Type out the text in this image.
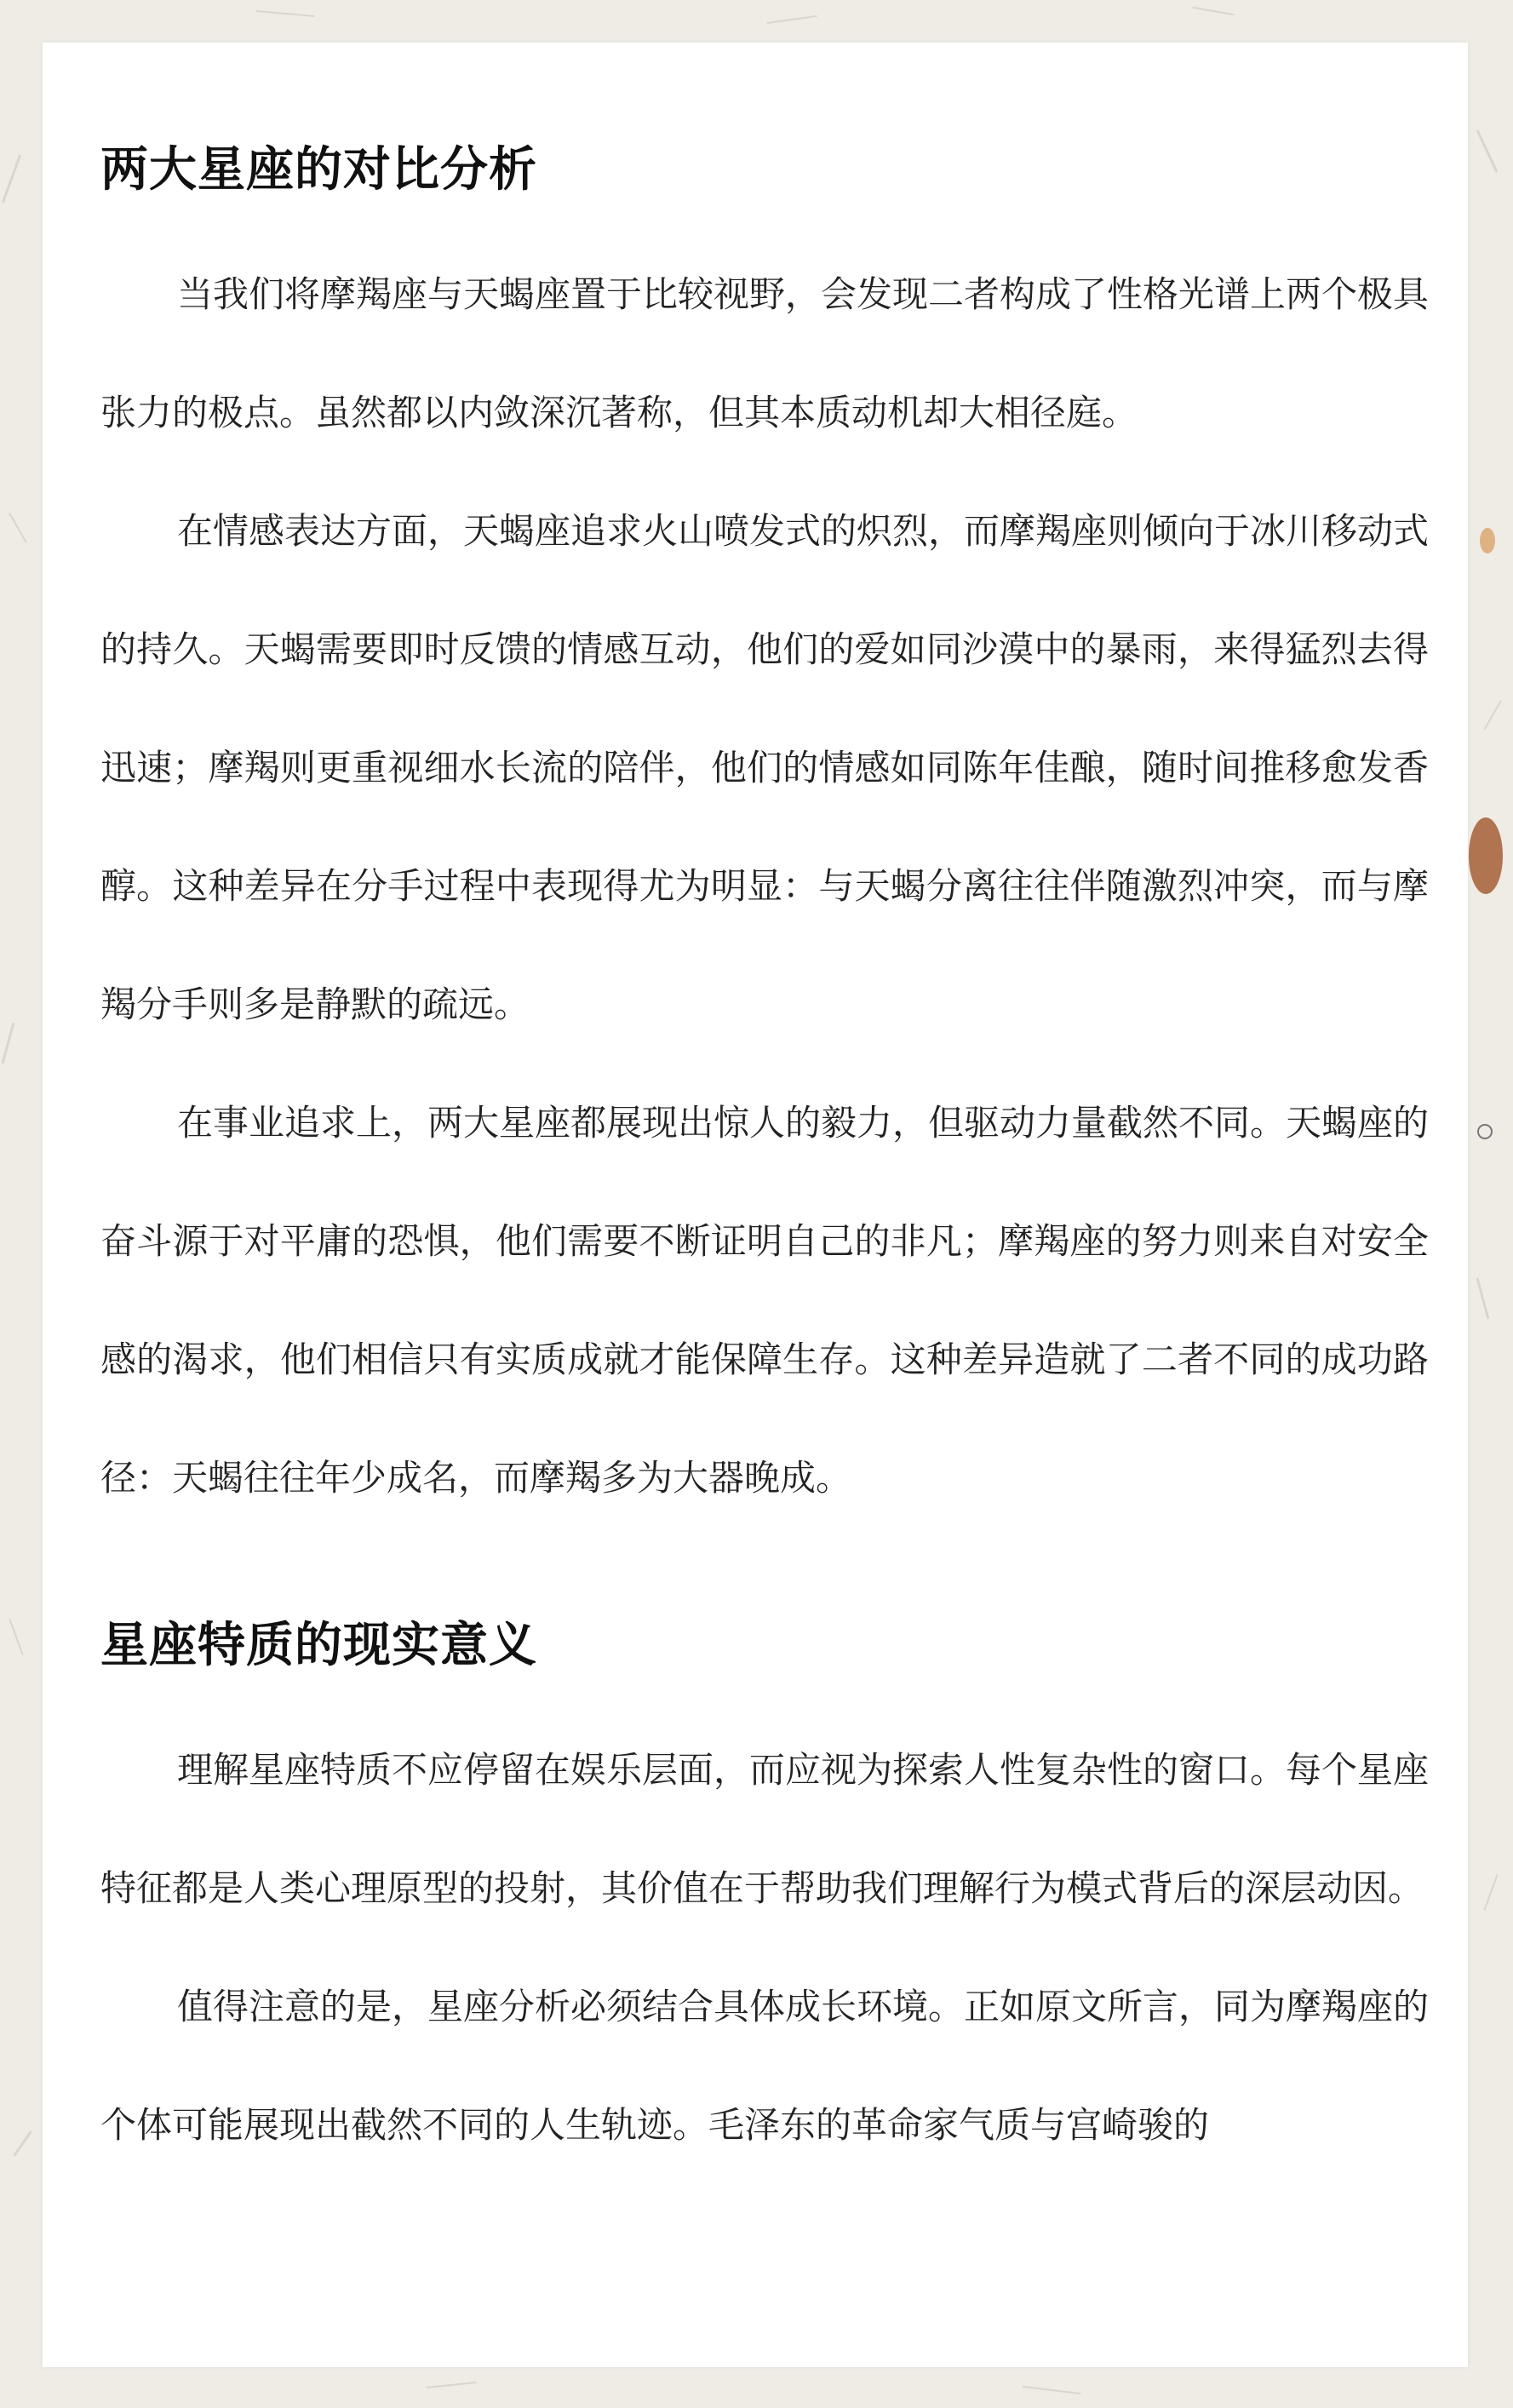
两大星座的对比分析

当我们将摩羯座与天蝎座置于比较视野，会发现二者构成了性格光谱上两个极具张力的极点。虽然都以内敛深沉著称，但其本质动机却大相径庭。

在情感表达方面，天蝎座追求火山喷发式的炽烈，而摩羯座则倾向于冰川移动式的持久。天蝎需要即时反馈的情感互动，他们的爱如同沙漠中的暴雨，来得猛烈去得迅速；摩羯则更重视细水长流的陪伴，他们的情感如同陈年佳酿，随时间推移愈发香醇。这种差异在分手过程中表现得尤为明显：与天蝎分离往往伴随激烈冲突，而与摩羯分手则多是静默的疏远。

在事业追求上，两大星座都展现出惊人的毅力，但驱动力量截然不同。天蝎座的奋斗源于对平庸的恐惧，他们需要不断证明自己的非凡；摩羯座的努力则来自对安全感的渴求，他们相信只有实质成就才能保障生存。这种差异造就了二者不同的成功路径：天蝎往往年少成名，而摩羯多为大器晚成。

星座特质的现实意义

理解星座特质不应停留在娱乐层面，而应视为探索人性复杂性的窗口。每个星座特征都是人类心理原型的投射，其价值在于帮助我们理解行为模式背后的深层动因。

值得注意的是，星座分析必须结合具体成长环境。正如原文所言，同为摩羯座的个体可能展现出截然不同的人生轨迹。毛泽东的革命家气质与宫崎骏的
